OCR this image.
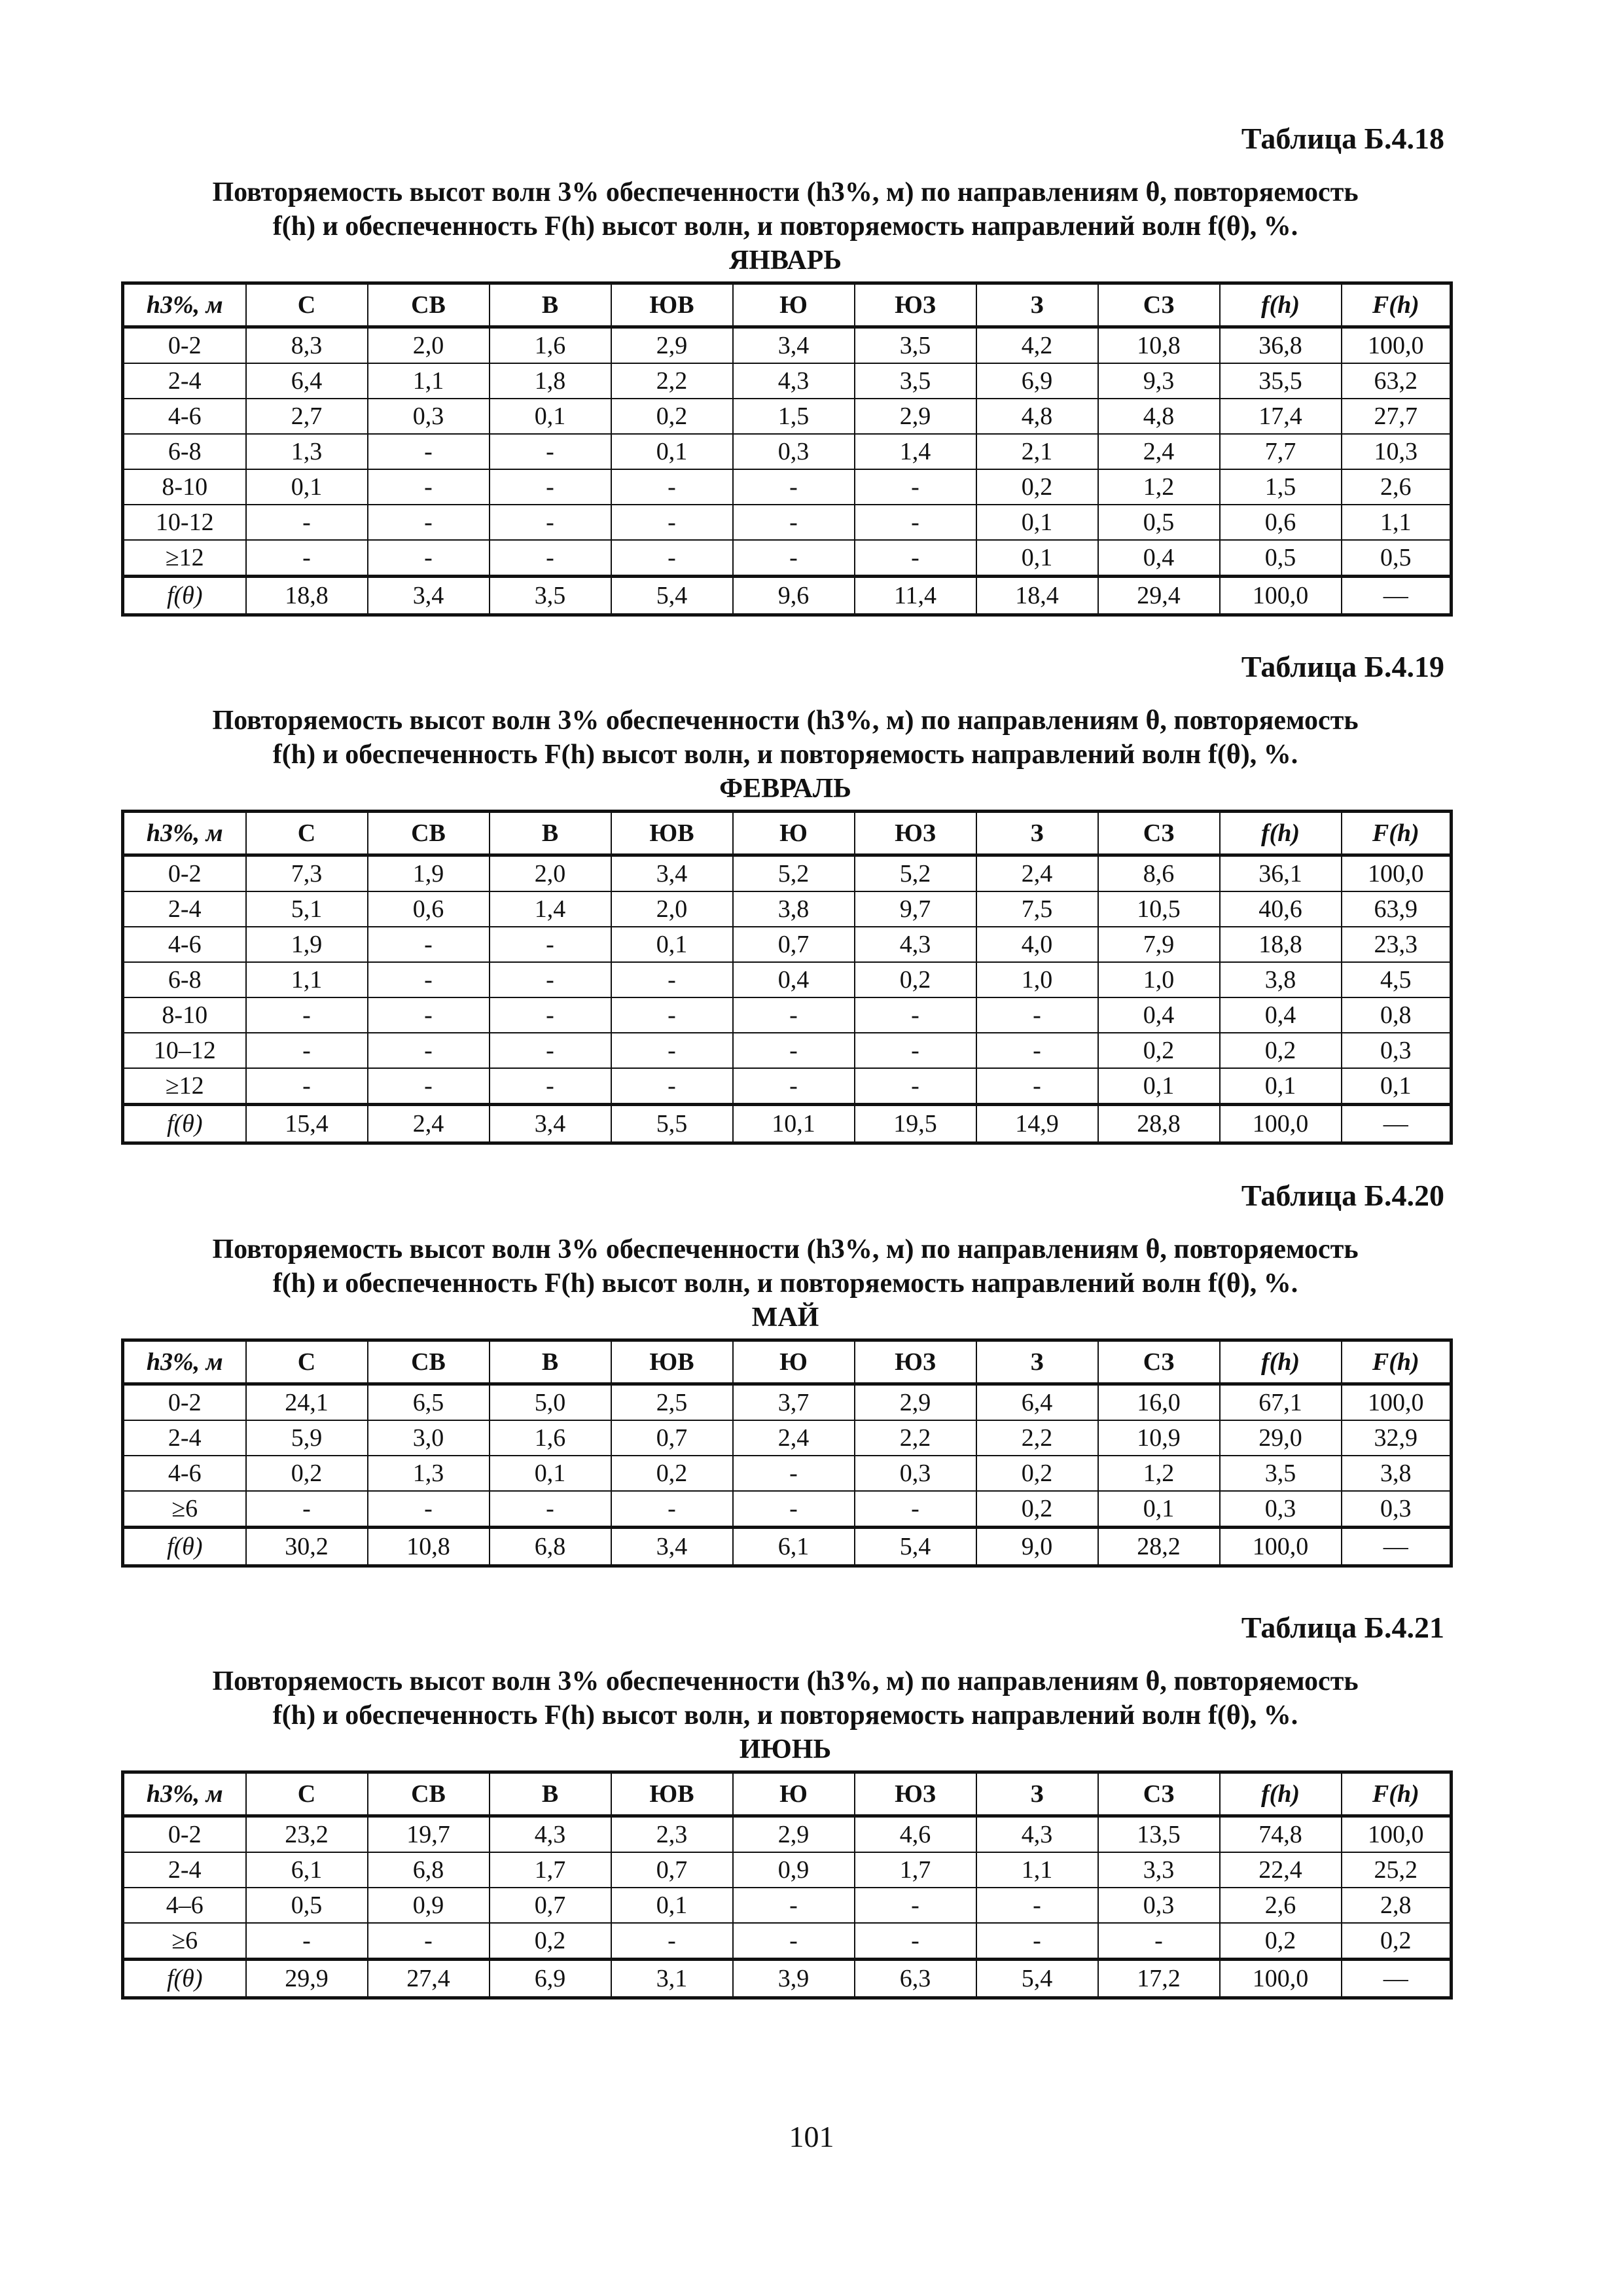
Таблица Б.4.18

Повторяемость высот волн 3% обеспеченности (h3%, м) по направлениям θ, повторяемость

f(h) и обеспеченность F(h) высот волн, и повторяемость направлений волн f(θ), %.

ЯНВАРЬ

h3%, м	C	СВ	В	ЮВ	Ю	ЮЗ	З	СЗ	f(h)	F(h)
0-2	8,3	2,0	1,6	2,9	3,4	3,5	4,2	10,8	36,8	100,0
2-4	6,4	1,1	1,8	2,2	4,3	3,5	6,9	9,3	35,5	63,2
4-6	2,7	0,3	0,1	0,2	1,5	2,9	4,8	4,8	17,4	27,7
6-8	1,3	-	-	0,1	0,3	1,4	2,1	2,4	7,7	10,3
8-10	0,1	-	-	-	-	-	0,2	1,2	1,5	2,6
10-12	-	-	-	-	-	-	0,1	0,5	0,6	1,1
≥12	-	-	-	-	-	-	0,1	0,4	0,5	0,5
f(θ)	18,8	3,4	3,5	5,4	9,6	11,4	18,4	29,4	100,0	—
Таблица Б.4.19

Повторяемость высот волн 3% обеспеченности (h3%, м) по направлениям θ, повторяемость

f(h) и обеспеченность F(h) высот волн, и повторяемость направлений волн f(θ), %.

ФЕВРАЛЬ

h3%, м	C	СВ	В	ЮВ	Ю	ЮЗ	З	СЗ	f(h)	F(h)
0-2	7,3	1,9	2,0	3,4	5,2	5,2	2,4	8,6	36,1	100,0
2-4	5,1	0,6	1,4	2,0	3,8	9,7	7,5	10,5	40,6	63,9
4-6	1,9	-	-	0,1	0,7	4,3	4,0	7,9	18,8	23,3
6-8	1,1	-	-	-	0,4	0,2	1,0	1,0	3,8	4,5
8-10	-	-	-	-	-	-	-	0,4	0,4	0,8
10–12	-	-	-	-	-	-	-	0,2	0,2	0,3
≥12	-	-	-	-	-	-	-	0,1	0,1	0,1
f(θ)	15,4	2,4	3,4	5,5	10,1	19,5	14,9	28,8	100,0	—
Таблица Б.4.20

Повторяемость высот волн 3% обеспеченности (h3%, м) по направлениям θ, повторяемость

f(h) и обеспеченность F(h) высот волн, и повторяемость направлений волн f(θ), %.

МАЙ

h3%, м	C	СВ	В	ЮВ	Ю	ЮЗ	З	СЗ	f(h)	F(h)
0-2	24,1	6,5	5,0	2,5	3,7	2,9	6,4	16,0	67,1	100,0
2-4	5,9	3,0	1,6	0,7	2,4	2,2	2,2	10,9	29,0	32,9
4-6	0,2	1,3	0,1	0,2	-	0,3	0,2	1,2	3,5	3,8
≥6	-	-	-	-	-	-	0,2	0,1	0,3	0,3
f(θ)	30,2	10,8	6,8	3,4	6,1	5,4	9,0	28,2	100,0	—
Таблица Б.4.21

Повторяемость высот волн 3% обеспеченности (h3%, м) по направлениям θ, повторяемость

f(h) и обеспеченность F(h) высот волн, и повторяемость направлений волн f(θ), %.

ИЮНЬ

h3%, м	C	СВ	В	ЮВ	Ю	ЮЗ	З	СЗ	f(h)	F(h)
0-2	23,2	19,7	4,3	2,3	2,9	4,6	4,3	13,5	74,8	100,0
2-4	6,1	6,8	1,7	0,7	0,9	1,7	1,1	3,3	22,4	25,2
4–6	0,5	0,9	0,7	0,1	-	-	-	0,3	2,6	2,8
≥6	-	-	0,2	-	-	-	-	-	0,2	0,2
f(θ)	29,9	27,4	6,9	3,1	3,9	6,3	5,4	17,2	100,0	—
101
